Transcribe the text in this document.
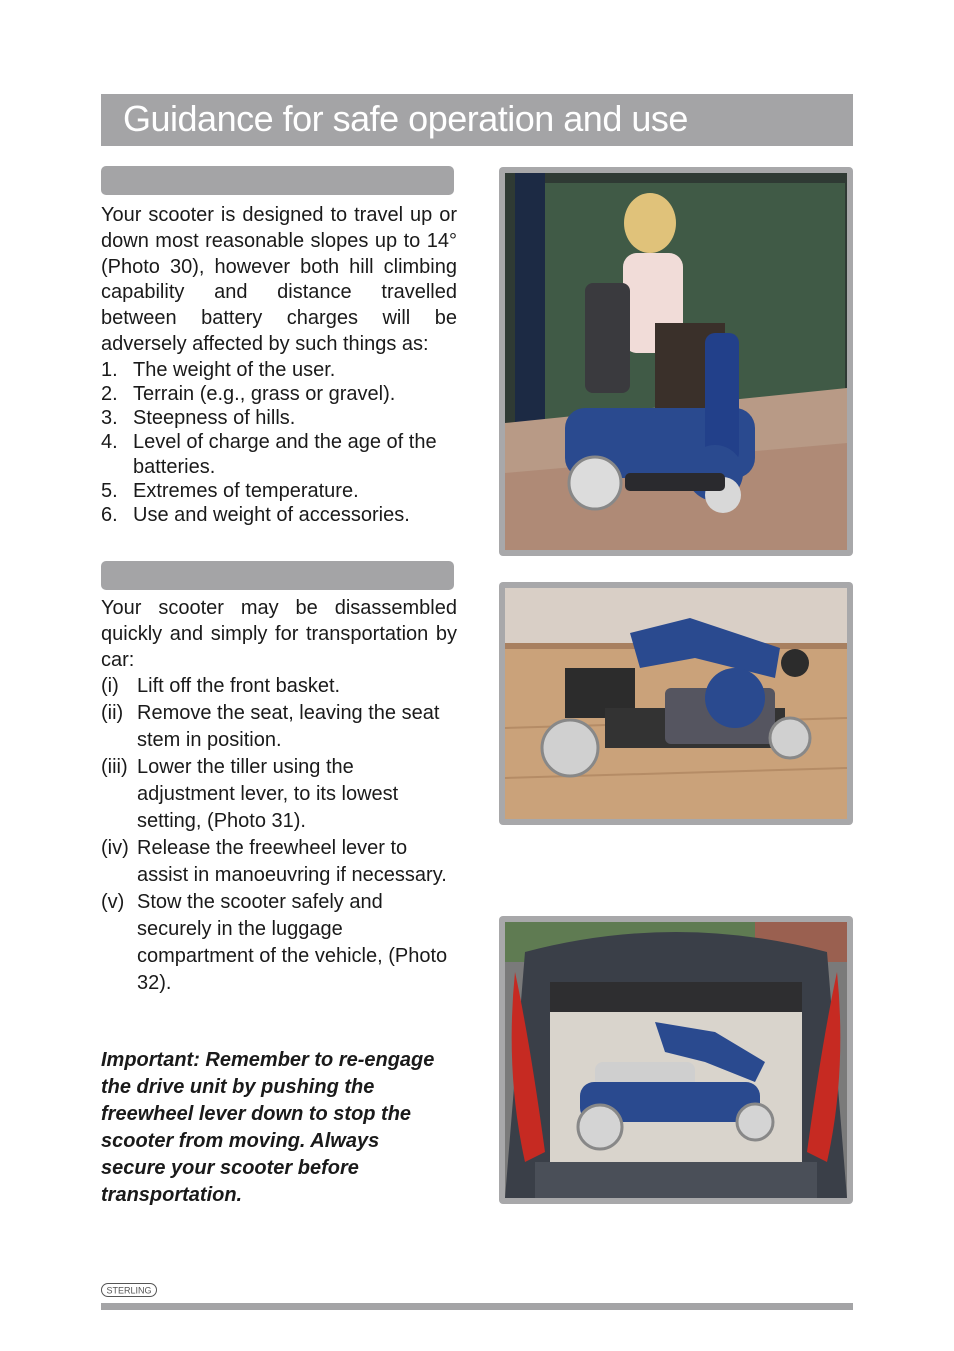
Guidance for safe operation and use

Your scooter is designed to travel up or down most reasonable slopes up to 14° (Photo 30), however both hill climbing capability and distance travelled between battery charges will be adversely affected by such things as:

1. The weight of the user.
2. Terrain (e.g., grass or gravel).
3. Steepness of hills.
4. Level of charge and the age of the batteries.
5. Extremes of temperature.
6. Use and weight of accessories.

Your scooter may be disassembled quickly and simply for transportation by car:

(i) Lift off the front basket.
(ii) Remove the seat, leaving the seat stem in position.
(iii) Lower the tiller using the adjustment lever, to its lowest setting, (Photo 31).
(iv) Release the freewheel lever to assist in manoeuvring if necessary.
(v) Stow the scooter safely and securely in the luggage compartment of the vehicle, (Photo 32).

Important: Remember to re-engage the drive unit by pushing the freewheel lever down to stop the scooter from moving. Always secure your scooter before transportation.

STERLING
